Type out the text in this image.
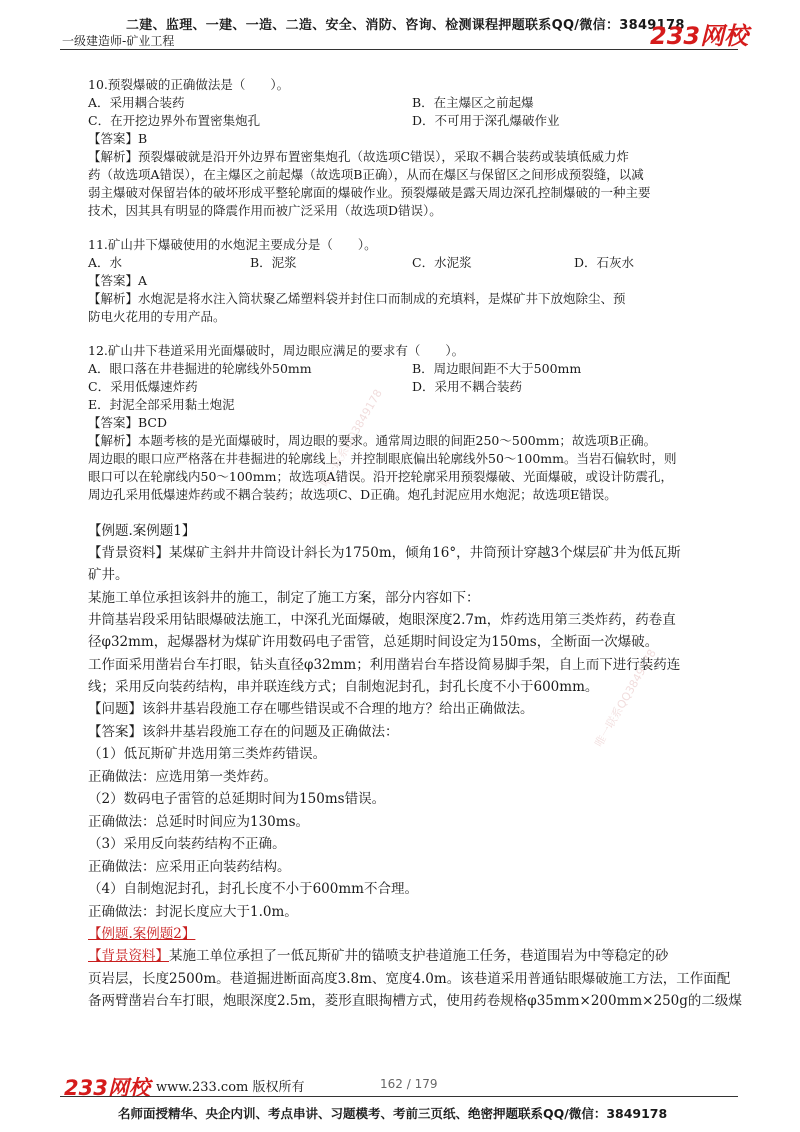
二建、监理、一建、一造、二造、安全、消防、咨询、检测课程押题联系QQ/微信：3849178
一级建造师-矿业工程	233网校
唯一联系QQ3849178
唯一联系QQ3849178
10.预裂爆破的正确做法是（　　）。
A．采用耦合装药	B．在主爆区之前起爆
C．在开挖边界外布置密集炮孔	D．不可用于深孔爆破作业
【答案】B
【解析】预裂爆破就是沿开外边界布置密集炮孔（故选项C错误），采取不耦合装药或装填低威力炸
药（故选项A错误），在主爆区之前起爆（故选项B正确），从而在爆区与保留区之间形成预裂缝，以减
弱主爆破对保留岩体的破坏形成平整轮廓面的爆破作业。预裂爆破是露天周边深孔控制爆破的一种主要
技术，因其具有明显的降震作用而被广泛采用（故选项D错误）。
11.矿山井下爆破使用的水炮泥主要成分是（　　）。
A．水	B．泥浆	C．水泥浆	D．石灰水
【答案】A
【解析】水炮泥是将水注入筒状聚乙烯塑料袋并封住口而制成的充填料，是煤矿井下放炮除尘、预
防电火花用的专用产品。
12.矿山井下巷道采用光面爆破时，周边眼应满足的要求有（　　）。
A．眼口落在井巷掘进的轮廓线外50mm	B．周边眼间距不大于500mm
C．采用低爆速炸药	D．采用不耦合装药
E．封泥全部采用黏土炮泥
【答案】BCD
【解析】本题考核的是光面爆破时，周边眼的要求。通常周边眼的间距250～500mm；故选项B正确。
周边眼的眼口应严格落在井巷掘进的轮廓线上，并控制眼底偏出轮廓线外50～100mm。当岩石偏软时，则
眼口可以在轮廓线内50～100mm；故选项A错误。沿开挖轮廓采用预裂爆破、光面爆破，或设计防震孔，
周边孔采用低爆速炸药或不耦合装药；故选项C、D正确。炮孔封泥应用水炮泥；故选项E错误。
【例题.案例题1】
【背景资料】某煤矿主斜井井筒设计斜长为1750m，倾角16°，井筒预计穿越3个煤层矿井为低瓦斯
矿井。
某施工单位承担该斜井的施工，制定了施工方案，部分内容如下：
井筒基岩段采用钻眼爆破法施工，中深孔光面爆破，炮眼深度2.7m，炸药选用第三类炸药，药卷直
径φ32mm，起爆器材为煤矿许用数码电子雷管，总延期时间设定为150ms，全断面一次爆破。
工作面采用凿岩台车打眼，钻头直径φ32mm；利用凿岩台车搭设简易脚手架，自上而下进行装药连
线；采用反向装药结构，串并联连线方式；自制炮泥封孔，封孔长度不小于600mm。
【问题】该斜井基岩段施工存在哪些错误或不合理的地方？给出正确做法。
【答案】该斜井基岩段施工存在的问题及正确做法：
（1）低瓦斯矿井选用第三类炸药错误。
正确做法：应选用第一类炸药。
（2）数码电子雷管的总延期时间为150ms错误。
正确做法：总延时时间应为130ms。
（3）采用反向装药结构不正确。
正确做法：应采用正向装药结构。
（4）自制炮泥封孔，封孔长度不小于600mm不合理。
正确做法：封泥长度应大于1.0m。
【例题.案例题2】
【背景资料】某施工单位承担了一低瓦斯矿井的锚喷支护巷道施工任务，巷道围岩为中等稳定的砂
页岩层，长度2500m。巷道掘进断面高度3.8m、宽度4.0m。该巷道采用普通钻眼爆破施工方法，工作面配
备两臂凿岩台车打眼，炮眼深度2.5m，菱形直眼掏槽方式，使用药卷规格φ35mm×200mm×250g的二级煤
233网校 www.233.com 版权所有	162 / 179
名师面授精华、央企内训、考点串讲、习题模考、考前三页纸、绝密押题联系QQ/微信：3849178
